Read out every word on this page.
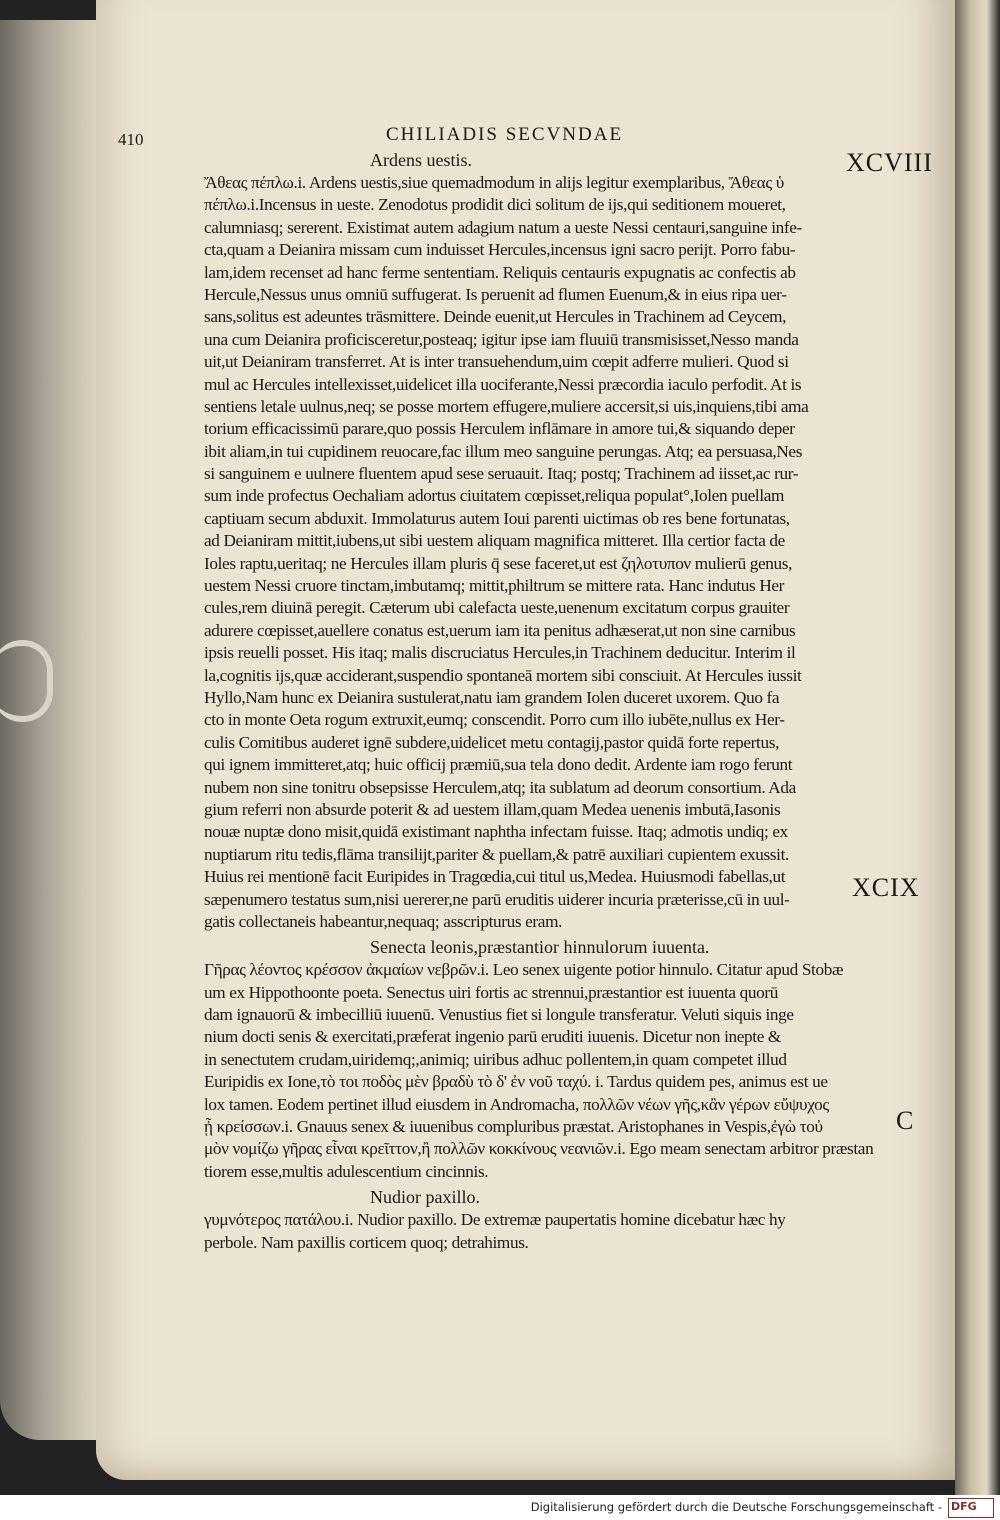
410	CHILIADIS SECVNDAE
XCVIII
XCIX
C
Ardens uestis.
Ἄθεας πέπλω.i. Ardens uestis,siue quemadmodum in alijs legitur exemplaribus, Ἄθεας ὑ
πέπλω.i.Incensus in ueste. Zenodotus prodidit dici solitum de ijs,qui seditionem moueret,
calumniasq; sererent. Existimat autem adagium natum a ueste Nessi centauri,sanguine infe-
cta,quam a Deianira missam cum induisset Hercules,incensus igni sacro perijt. Porro fabu-
lam,idem recenset ad hanc ferme sententiam. Reliquis centauris expugnatis ac confectis ab
Hercule,Nessus unus omniū suffugerat. Is peruenit ad flumen Euenum,& in eius ripa uer-
sans,solitus est adeuntes trāsmittere. Deinde euenit,ut Hercules in Trachinem ad Ceycem,
una cum Deianira proficisceretur,posteaq; igitur ipse iam fluuiū transmisisset,Nesso manda
uit,ut Deianiram transferret. At is inter transuehendum,uim cœpit adferre mulieri. Quod si
mul ac Hercules intellexisset,uidelicet illa uociferante,Nessi præcordia iaculo perfodit. At is
sentiens letale uulnus,neq; se posse mortem effugere,muliere accersit,si uis,inquiens,tibi ama
torium efficacissimū parare,quo possis Herculem inflāmare in amore tui,& siquando deper
ibit aliam,in tui cupidinem reuocare,fac illum meo sanguine perungas. Atq; ea persuasa,Nes
si sanguinem e uulnere fluentem apud sese seruauit. Itaq; postq; Trachinem ad iisset,ac rur-
sum inde profectus Oechaliam adortus ciuitatem cœpisset,reliqua populat°,Iolen puellam
captiuam secum abduxit. Immolaturus autem Ioui parenti uictimas ob res bene fortunatas,
ad Deianiram mittit,iubens,ut sibi uestem aliquam magnifica mitteret. Illa certior facta de
Ioles raptu,ueritaq; ne Hercules illam pluris q̄ sese faceret,ut est ζηλοτυπον mulierū genus,
uestem Nessi cruore tinctam,imbutamq; mittit,philtrum se mittere rata. Hanc indutus Her
cules,rem diuinā peregit. Cæterum ubi calefacta ueste,uenenum excitatum corpus grauiter
adurere cœpisset,auellere conatus est,uerum iam ita penitus adhæserat,ut non sine carnibus
ipsis reuelli posset. His itaq; malis discruciatus Hercules,in Trachinem deducitur. Interim il
la,cognitis ijs,quæ acciderant,suspendio spontaneā mortem sibi consciuit. At Hercules iussit
Hyllo,Nam hunc ex Deianira sustulerat,natu iam grandem Iolen duceret uxorem. Quo fa
cto in monte Oeta rogum extruxit,eumq; conscendit. Porro cum illo iubēte,nullus ex Her-
culis Comitibus auderet ignē subdere,uidelicet metu contagij,pastor quidā forte repertus,
qui ignem immitteret,atq; huic officij præmiū,sua tela dono dedit. Ardente iam rogo ferunt
nubem non sine tonitru obsepsisse Herculem,atq; ita sublatum ad deorum consortium. Ada
gium referri non absurde poterit & ad uestem illam,quam Medea uenenis imbutā,Iasonis
nouæ nuptæ dono misit,quidā existimant naphtha infectam fuisse. Itaq; admotis undiq; ex
nuptiarum ritu tedis,flāma transilijt,pariter & puellam,& patrē auxiliari cupientem exussit.
Huius rei mentionē facit Euripides in Tragœdia,cui titul us,Medea. Huiusmodi fabellas,ut
sæpenumero testatus sum,nisi uererer,ne parū eruditis uiderer incuria præterisse,cū in uul-
gatis collectaneis habeantur,nequaq; asscripturus eram.
Senecta leonis,præstantior hinnulorum iuuenta.
Γῆρας λέοντος κρέσσον ἀκμαίων νεβρῶν.i. Leo senex uigente potior hinnulo. Citatur apud Stobæ
um ex Hippothoonte poeta. Senectus uiri fortis ac strennui,præstantior est iuuenta quorū
dam ignauorū & imbecilliū iuuenū. Venustius fiet si longule transferatur. Veluti siquis inge
nium docti senis & exercitati,præferat ingenio parū eruditi iuuenis. Dicetur non inepte &
in senectutem crudam,uiridemq;,animiq; uiribus adhuc pollentem,in quam competet illud
Euripidis ex Ione,τὸ τοι ποδὸς μὲν βραδὺ τὸ δ' ἐν νοῦ ταχύ. i. Tardus quidem pes, animus est ue
lox tamen. Eodem pertinet illud eiusdem in Andromacha, πολλῶν νέων γῆς,κἂν γέρων εὔψυχος
ᾖ κρείσσων.i. Gnauus senex & iuuenibus compluribus præstat. Aristophanes in Vespis,ἐγὼ τοὐ
μὸν νομίζω γῆρας εἶναι κρεῖττον,ἢ πολλῶν κοκκίνους νεανιῶν.i. Ego meam senectam arbitror præstan
tiorem esse,multis adulescentium cincinnis.
Nudior paxillo.
γυμνότερος πατάλου.i. Nudior paxillo. De extremæ paupertatis homine dicebatur hæc hy
perbole. Nam paxillis corticem quoq; detrahimus.
Digitalisierung gefördert durch die Deutsche Forschungsgemeinschaft - DFG
